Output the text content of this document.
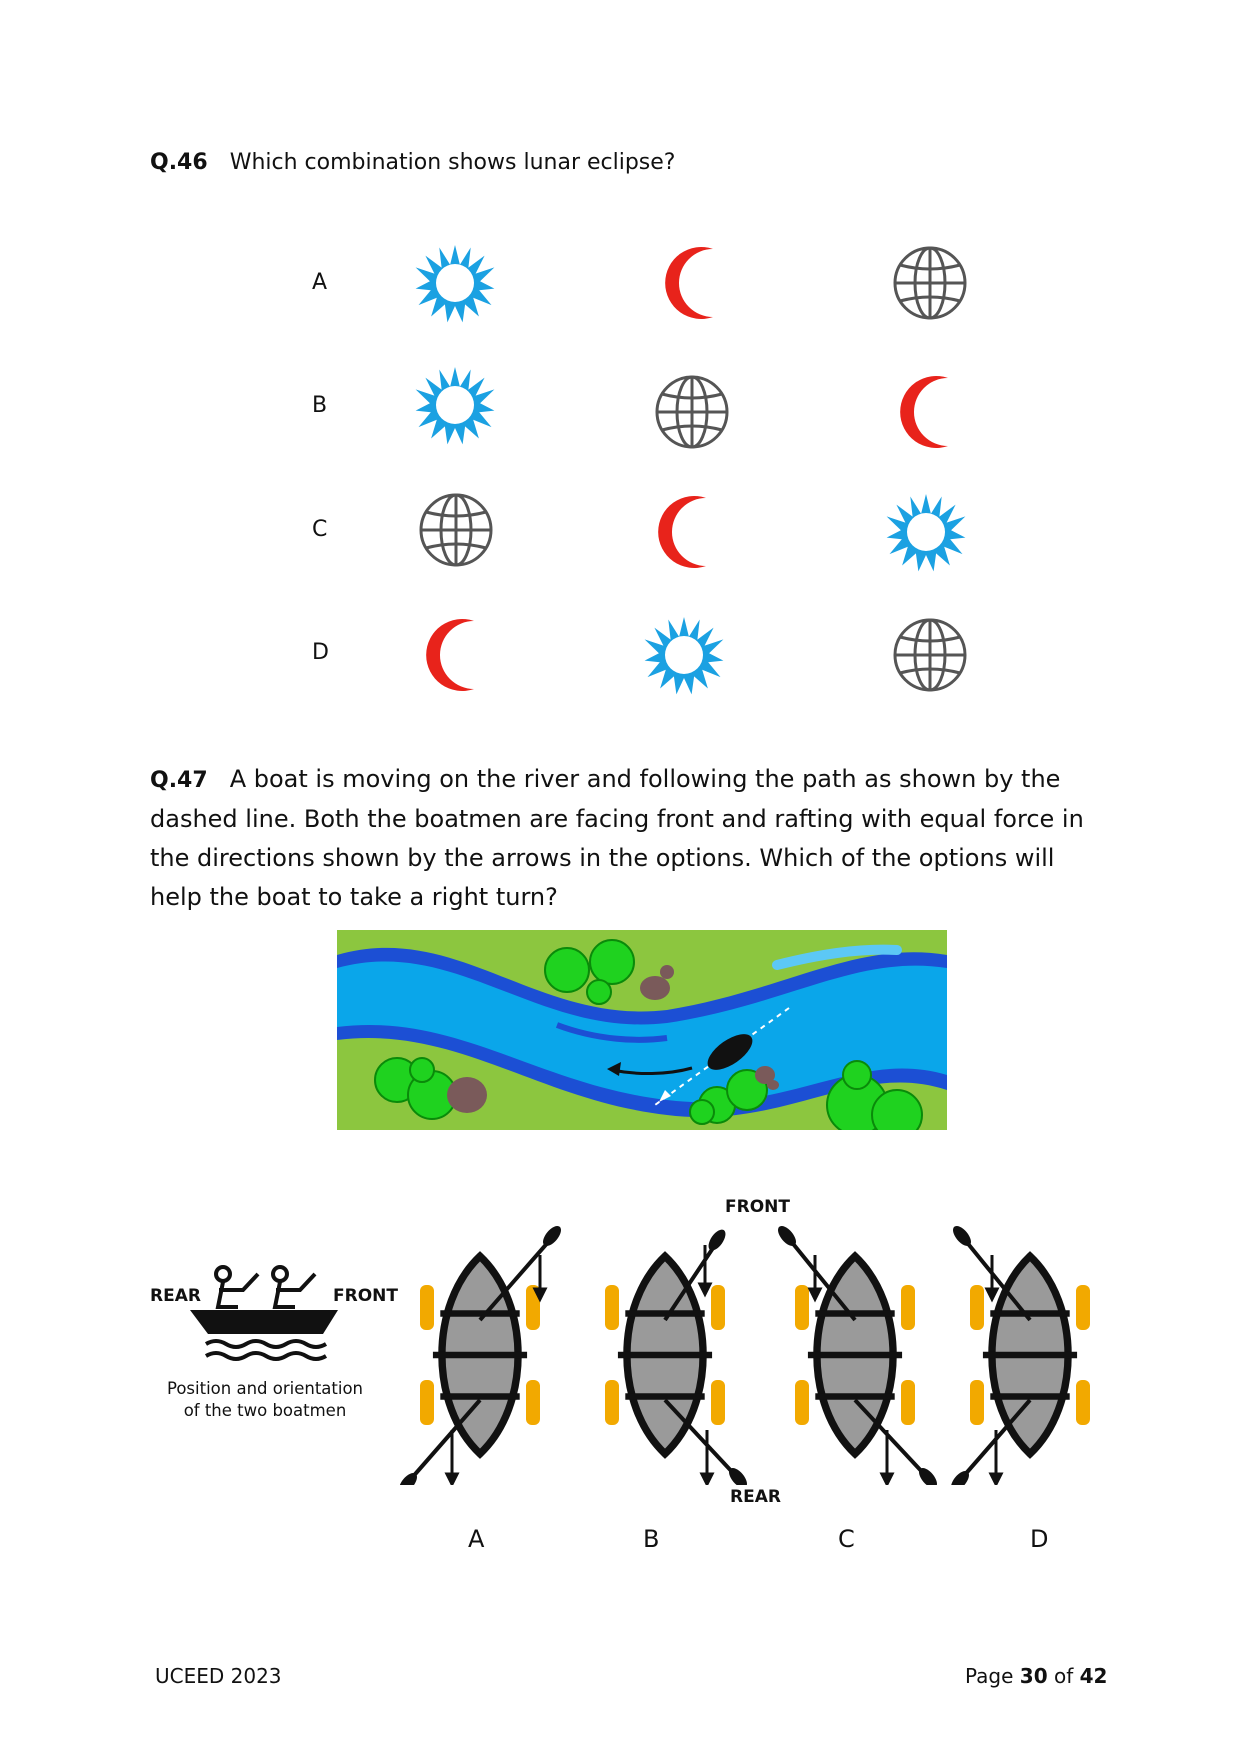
Q.46 Which combination shows lunar eclipse?
A
B
C
D
Q.47 A boat is moving on the river and following the path as shown by the dashed line. Both the boatmen are facing front and rafting with equal force in the directions shown by the arrows in the options. Which of the options will help the boat to take a right turn?
REAR	FRONT
Position and orientation
of the two boatmen
FRONT
REAR
A	B	C	D
UCEED 2023	Page 30 of 42
